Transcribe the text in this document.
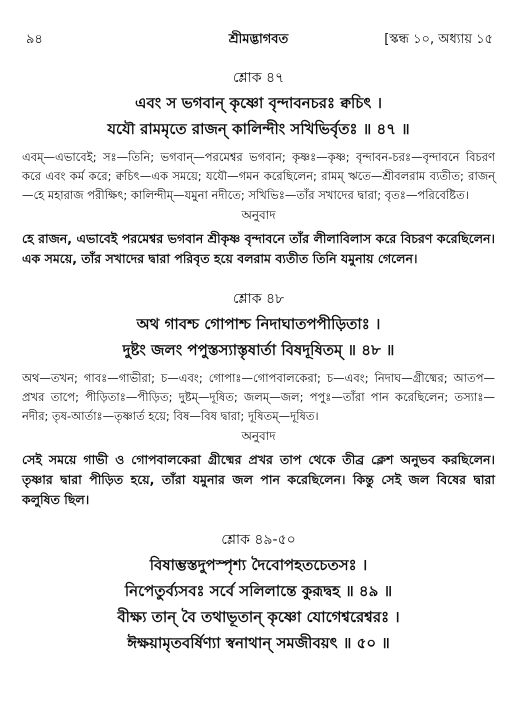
৯৪	শ্রীমদ্ভাগবত	[স্কন্ধ ১০, অধ্যায় ১৫
শ্লোক ৪৭
এবং স ভগবান্ কৃষ্ণো বৃন্দাবনচরঃ ক্বচিৎ ।
যযৌ রামমৃতে রাজন্ কালিন্দীং সখিভির্বৃতঃ ॥ ৪৭ ॥
এবম্—এভাবেই; সঃ—তিনি; ভগবান্—পরমেশ্বর ভগবান; কৃষ্ণঃ—কৃষ্ণ; বৃন্দাবন-চরঃ—বৃন্দাবনে বিচরণ করে এবং কর্ম করে; ক্বচিৎ—এক সময়ে; যযৌ—গমন করেছিলেন; রামম্ ঋতে—শ্রীবলরাম ব্যতীত; রাজন্—হে মহারাজ পরীক্ষিৎ; কালিন্দীম্—যমুনা নদীতে; সখিভিঃ—তাঁর সখাদের দ্বারা; বৃতঃ—পরিবেষ্টিত।
অনুবাদ
হে রাজন, এভাবেই পরমেশ্বর ভগবান শ্রীকৃষ্ণ বৃন্দাবনে তাঁর লীলাবিলাস করে বিচরণ করেছিলেন। এক সময়ে, তাঁর সখাদের দ্বারা পরিবৃত হয়ে বলরাম ব্যতীত তিনি যমুনায় গেলেন।
শ্লোক ৪৮
অথ গাবশ্চ গোপাশ্চ নিদাঘাতপপীড়িতাঃ ।
দুষ্টং জলং পপুস্তস্যাস্তৃষার্তা বিষদূষিতম্ ॥ ৪৮ ॥
অথ—তখন; গাবঃ—গাভীরা; চ—এবং; গোপাঃ—গোপবালকেরা; চ—এবং; নিদাঘ—গ্রীষ্মের; আতপ—প্রখর তাপে; পীড়িতাঃ—পীড়িত; দুষ্টম্—দূষিত; জলম্—জল; পপুঃ—তাঁরা পান করেছিলেন; তস্যাঃ—নদীর; তৃষ-আর্তাঃ—তৃষ্ণার্ত হয়ে; বিষ—বিষ দ্বারা; দূষিতম্—দূষিত।
অনুবাদ
সেই সময়ে গাভী ও গোপবালকেরা গ্রীষ্মের প্রখর তাপ থেকে তীব্র ক্লেশ অনুভব করছিলেন। তৃষ্ণার দ্বারা পীড়িত হয়ে, তাঁরা যমুনার জল পান করেছিলেন। কিন্তু সেই জল বিষের দ্বারা কলুষিত ছিল।
শ্লোক ৪৯-৫০
বিষাম্ভস্তদুপস্পৃশ্য দৈবোপহতচেতসঃ ।
নিপেতুর্ব্যসবঃ সর্বে সলিলান্তে কুরূদ্বহ ॥ ৪৯ ॥
বীক্ষ্য তান্ বৈ তথাভূতান্ কৃষ্ণো যোগেশ্বরেশ্বরঃ ।
ঈক্ষয়ামৃতবর্ষিণ্যা স্বনাথান্ সমজীবয়ৎ ॥ ৫০ ॥
